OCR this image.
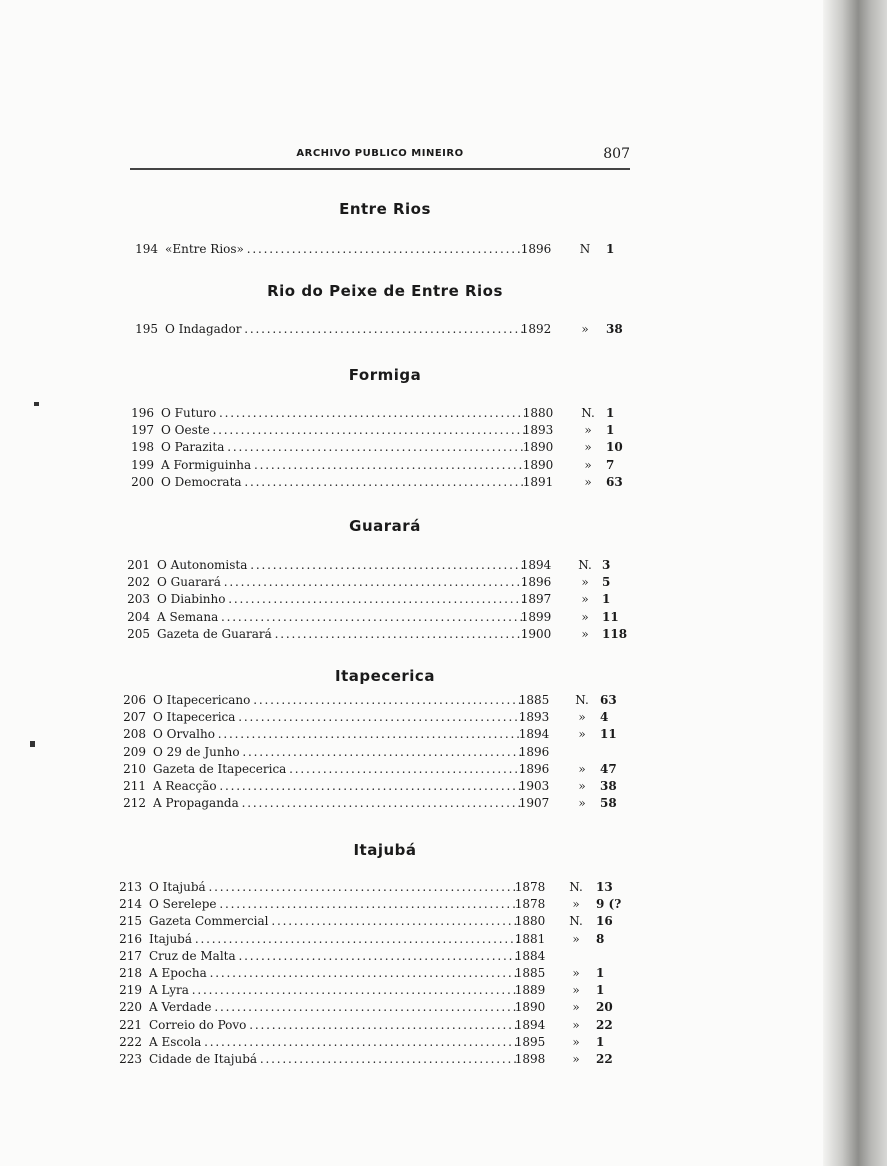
ARCHIVO PUBLICO MINEIRO	807
Entre Rios
194 «Entre Rios» . . .	1896	N	1
Rio do Peixe de Entre Rios
195 O Indagador . . .	1892	»	38
Formiga
196 O Futuro . . .	1880 N. 1
197 O Oeste . . .	1893	»	1
198 O Parazita . . .	1890	»	10
199 A Formiguinha . . .	1890	»	7
200 O Democrata . . .	1891	»	63
Guarará
201 O Autonomista . . .	1894 N. 3
202 O Guarará . . .	1896	»	5
203 O Diabinho . . .	1897	»	1
204 A Semana . . .	1899	»	11
205 Gazeta de Guarará . . .	1900	»	118
Itapecerica
206 O Itapecericano . . .	1885 N. 63
207 O Itapecerica . . .	1893	»	4
208 O Orvalho . . .	1894	»	11
209 O 29 de Junho . . .	1896
210 Gazeta de Itapecerica . . .	1896	»	47
211 A Reacção . . .	1903	»	38
212 A Propaganda . . .	1907	»	58
Itajubá
213 O Itajubá . . .	1878 N. 13
214 O Serelepe . . .	1878	»	9 (?
215 Gazeta Commercial . . .	1880 N. 16
216 Itajubá . . .	1881	»	8
217 Cruz de Malta . . .	1884
218 A Epocha . . .	1885	»	1
219 A Lyra . . .	1889	»	1
220 A Verdade . . .	1890	»	20
221 Correio do Povo . . .	1894	»	22
222 A Escola . . .	1895	»	1
223 Cidade de Itajubá . . .	1898	»	22
